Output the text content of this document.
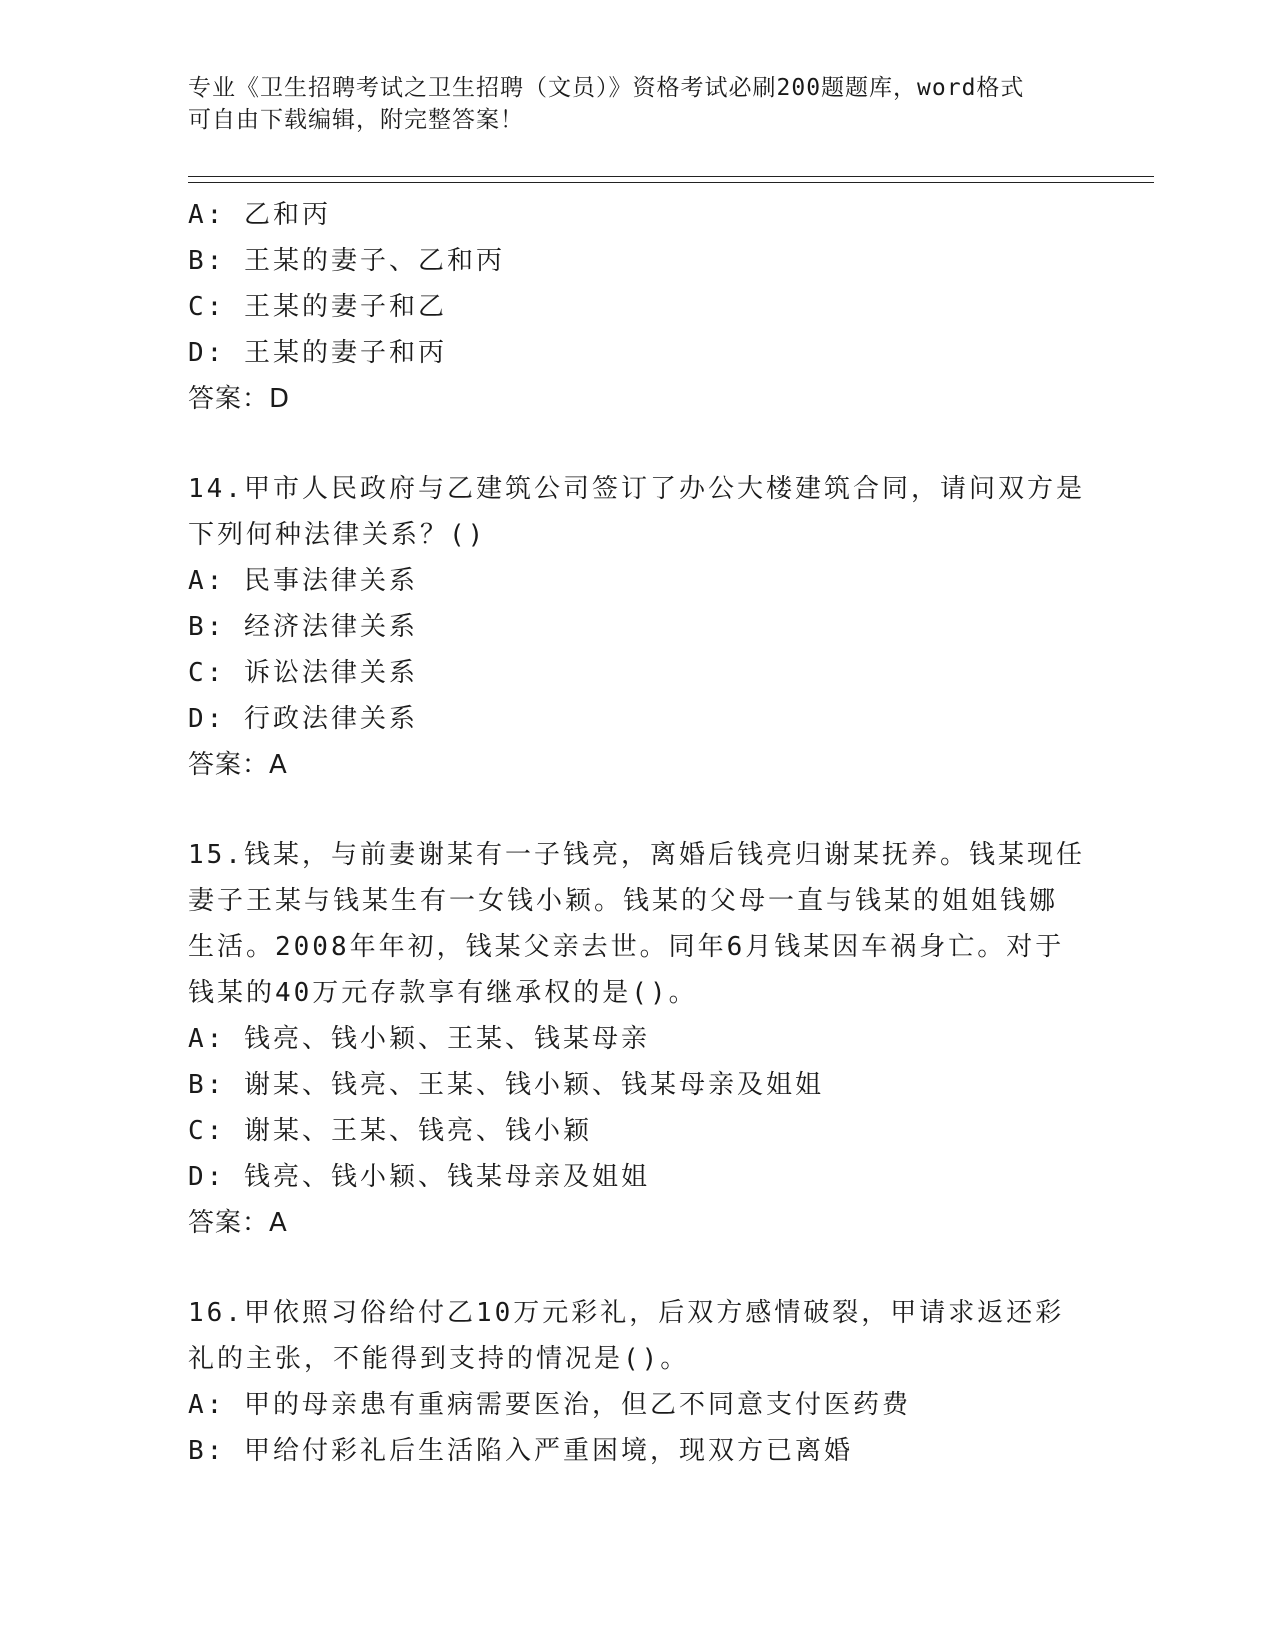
专业《卫生招聘考试之卫生招聘（文员）》资格考试必刷200题题库，word格式
可自由下载编辑，附完整答案！
A: 乙和丙
B: 王某的妻子、乙和丙
C: 王某的妻子和乙
D: 王某的妻子和丙
答案：D
14.甲市人民政府与乙建筑公司签订了办公大楼建筑合同，请问双方是
下列何种法律关系？()
A: 民事法律关系
B: 经济法律关系
C: 诉讼法律关系
D: 行政法律关系
答案：A
15.钱某，与前妻谢某有一子钱亮，离婚后钱亮归谢某抚养。钱某现任
妻子王某与钱某生有一女钱小颖。钱某的父母一直与钱某的姐姐钱娜
生活。2008年年初，钱某父亲去世。同年6月钱某因车祸身亡。对于
钱某的40万元存款享有继承权的是()。
A: 钱亮、钱小颖、王某、钱某母亲
B: 谢某、钱亮、王某、钱小颖、钱某母亲及姐姐
C: 谢某、王某、钱亮、钱小颖
D: 钱亮、钱小颖、钱某母亲及姐姐
答案：A
16.甲依照习俗给付乙10万元彩礼，后双方感情破裂，甲请求返还彩
礼的主张，不能得到支持的情况是()。
A: 甲的母亲患有重病需要医治，但乙不同意支付医药费
B: 甲给付彩礼后生活陷入严重困境，现双方已离婚
